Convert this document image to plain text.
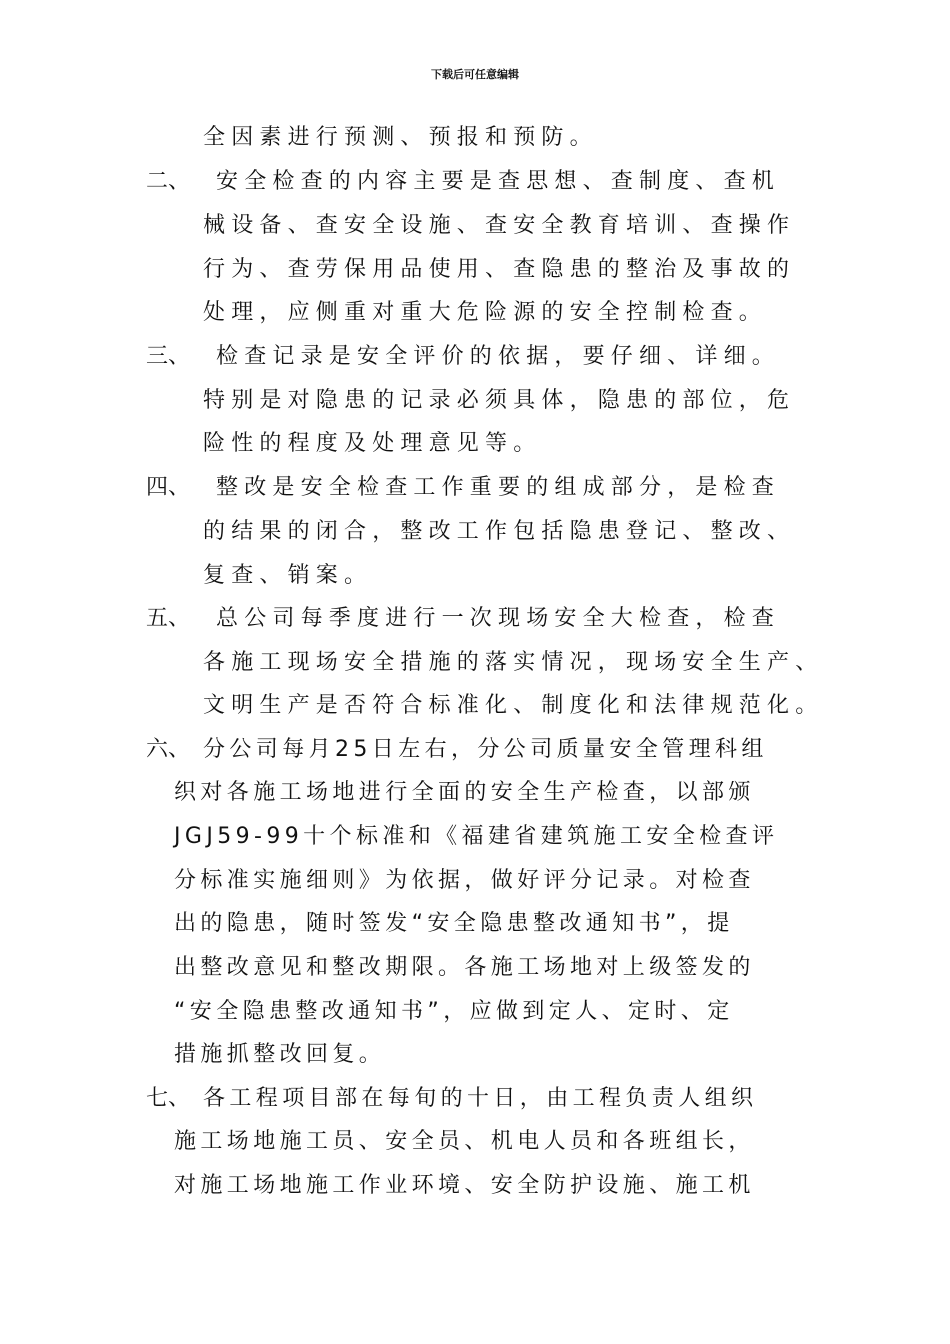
下载后可任意编辑
全因素进行预测、预报和预防。
二、 安全检查的内容主要是查思想、查制度、查机
械设备、查安全设施、查安全教育培训、查操作
行为、查劳保用品使用、查隐患的整治及事故的
处理，应侧重对重大危险源的安全控制检查。
三、 检查记录是安全评价的依据，要仔细、详细。
特别是对隐患的记录必须具体，隐患的部位，危
险性的程度及处理意见等。
四、 整改是安全检查工作重要的组成部分，是检查
的结果的闭合，整改工作包括隐患登记、整改、
复查、销案。
五、 总公司每季度进行一次现场安全大检查，检查
各施工现场安全措施的落实情况，现场安全生产、
文明生产是否符合标准化、制度化和法律规范化。
六、 分公司每月25日左右，分公司质量安全管理科组
织对各施工场地进行全面的安全生产检查，以部颁
JGJ59-99十个标准和《福建省建筑施工安全检查评
分标准实施细则》为依据，做好评分记录。对检查
出的隐患，随时签发“安全隐患整改通知书”，提
出整改意见和整改期限。各施工场地对上级签发的
“安全隐患整改通知书”，应做到定人、定时、定
措施抓整改回复。
七、 各工程项目部在每旬的十日，由工程负责人组织
施工场地施工员、安全员、机电人员和各班组长，
对施工场地施工作业环境、安全防护设施、施工机
